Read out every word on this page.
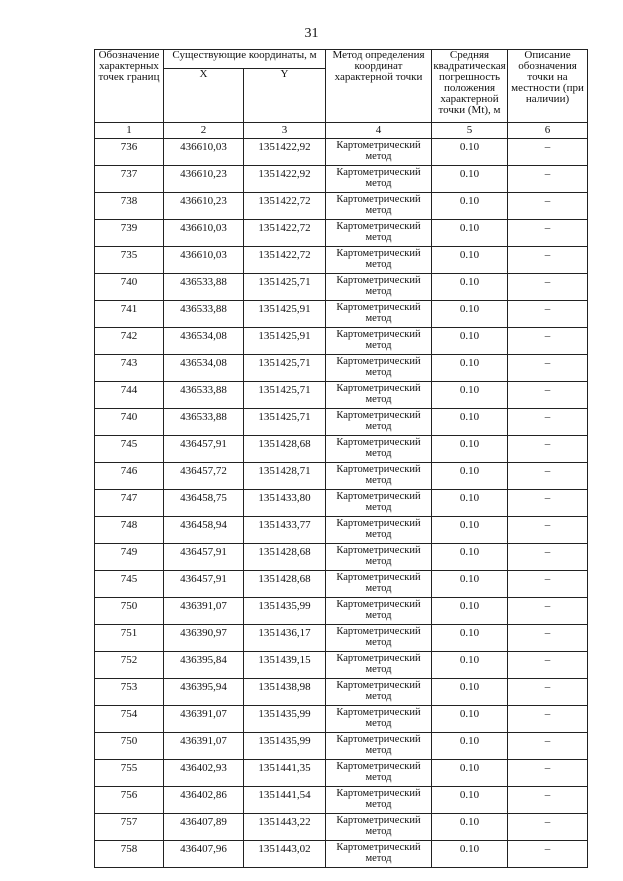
31
Обозначение характерных точек границ	Существующие координаты, м		Метод определения координат характерной точки	Средняя квадратическая погрешность положения характерной точки (Mt), м	Описание обозначения точки на местности (при наличии)
	X	Y			
1	2	3	4	5	6
736	436610,03	1351422,92	Картометрический метод	0.10	–
737	436610,23	1351422,92	Картометрический метод	0.10	–
738	436610,23	1351422,72	Картометрический метод	0.10	–
739	436610,03	1351422,72	Картометрический метод	0.10	–
735	436610,03	1351422,72	Картометрический метод	0.10	–
740	436533,88	1351425,71	Картометрический метод	0.10	–
741	436533,88	1351425,91	Картометрический метод	0.10	–
742	436534,08	1351425,91	Картометрический метод	0.10	–
743	436534,08	1351425,71	Картометрический метод	0.10	–
744	436533,88	1351425,71	Картометрический метод	0.10	–
740	436533,88	1351425,71	Картометрический метод	0.10	–
745	436457,91	1351428,68	Картометрический метод	0.10	–
746	436457,72	1351428,71	Картометрический метод	0.10	–
747	436458,75	1351433,80	Картометрический метод	0.10	–
748	436458,94	1351433,77	Картометрический метод	0.10	–
749	436457,91	1351428,68	Картометрический метод	0.10	–
745	436457,91	1351428,68	Картометрический метод	0.10	–
750	436391,07	1351435,99	Картометрический метод	0.10	–
751	436390,97	1351436,17	Картометрический метод	0.10	–
752	436395,84	1351439,15	Картометрический метод	0.10	–
753	436395,94	1351438,98	Картометрический метод	0.10	–
754	436391,07	1351435,99	Картометрический метод	0.10	–
750	436391,07	1351435,99	Картометрический метод	0.10	–
755	436402,93	1351441,35	Картометрический метод	0.10	–
756	436402,86	1351441,54	Картометрический метод	0.10	–
757	436407,89	1351443,22	Картометрический метод	0.10	–
758	436407,96	1351443,02	Картометрический метод	0.10	–
